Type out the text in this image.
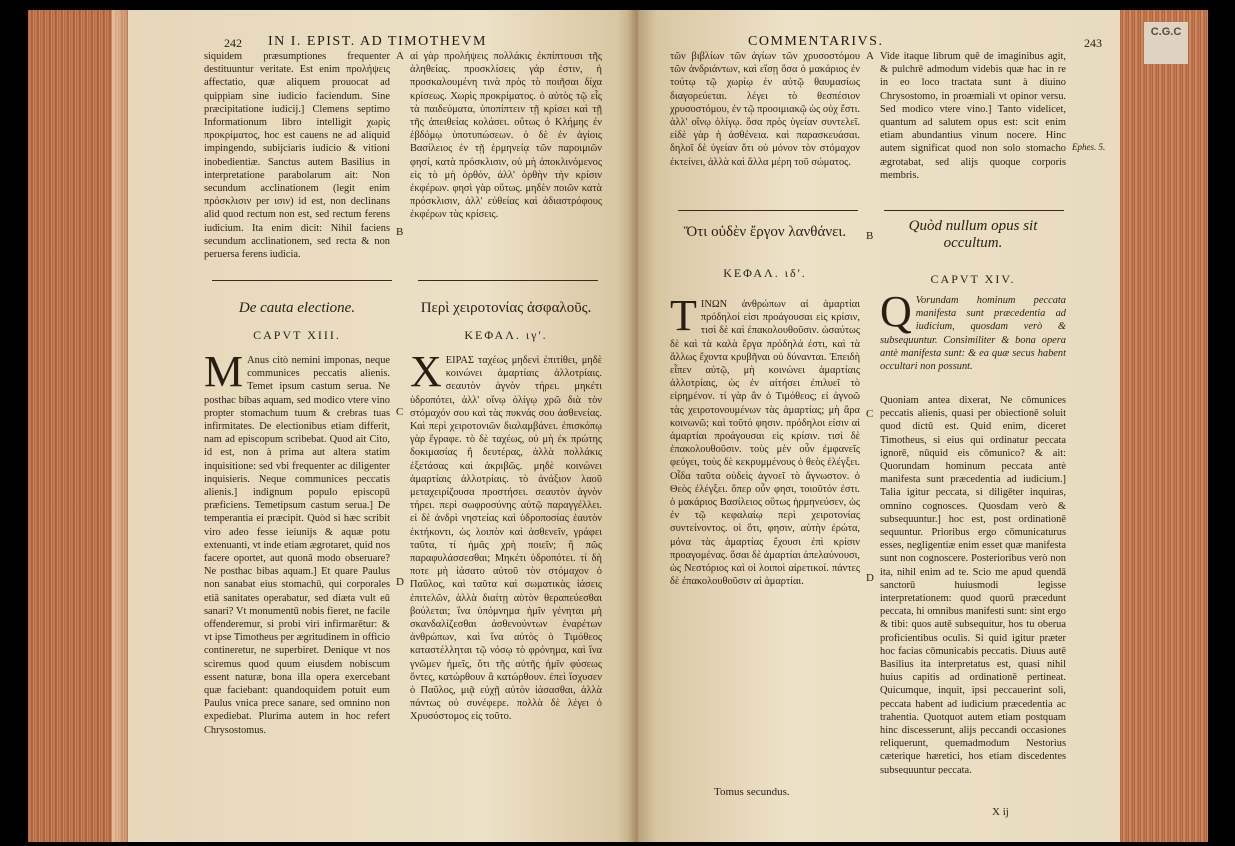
C.G.C
242 IN I. EPIST. AD TIMOTHEVM

siquidem præsumptiones frequenter destituuntur veritate. Est enim προλήψεις affectatio, quæ aliquem prouocat ad quippiam sine iudicio faciendum. Sine præcipitatione iudicij.] Clemens septimo Informationum libro intelligit χωρὶς προκρίματος, hoc est cauens ne ad aliquid impingendo, subijciaris iudicio & vitioni inobedientiæ. Sanctus autem Basilius in interpretatione parabolarum ait: Non secundum acclinationem (legit enim πρόσκλισιν per ισιν) id est, non declinans alid quod rectum non est, sed rectum ferens iudicium. Ita enim dicit: Nihil faciens secundum acclinationem, sed recta & non peruersa ferens iudicia.

A
B

αἱ γὰρ προλήψεις πολλάκις ἐκπίπτουσι τῆς ἀληθείας. προσκλίσεις γάρ ἐστιν, ἡ προσκαλουμένη τινὰ πρὸς τὸ ποιῆσαι δίχα κρίσεως. Χωρὶς προκρίματος. ὁ αὐτὸς τῷ εἶς τὰ παιδεύματα, ὑποπίπτειν τῇ κρίσει καὶ τῇ τῆς ἀπειθείας κολάσει. οὕτως ὁ Κλήμης ἐν ἑβδόμῳ ὑποτυπώσεων. ὁ δὲ ἐν ἁγίοις Βασίλειος ἐν τῇ ἑρμηνείᾳ τῶν παροιμιῶν φησί, κατὰ πρόσκλισιν, οὐ μὴ ἀποκλινόμενος εἰς τὸ μὴ ὀρθόν, ἀλλ' ὀρθὴν τὴν κρίσιν ἐκφέρων. φησὶ γὰρ οὕτως. μηδὲν ποιῶν κατὰ πρόσκλισιν, ἀλλ' εὐθείας καὶ ἀδιαστρόφους ἐκφέρων τὰς κρίσεις.

De cauta electione.
CAPVT XIII.
Περὶ χειροτονίας ἀσφαλοῦς.
ΚΕΦΑΛ. ιγ'.
M Anus citò nemini imponas, neque communices peccatis alienis. Temet ipsum castum serua. Ne posthac bibas aquam, sed modico vtere vino propter stomachum tuum & crebras tuas infirmitates. De electionibus etiam differit, nam ad episcopum scribebat. Quod ait Cito, id est, non à prima aut altera statim inquisitione: sed vbi frequenter ac diligenter inquisieris. Neque communices peccatis alienis.] indignum populo episcopū præficiens. Temetipsum castum serua.] De temperantia ei præcipit. Quòd si hæc scribit viro adeo fesse ieiunijs & aquæ potu extenuanti, vt inde etiam ægrotaret, quid nos facere oportet, aut quonā modo obseruare? Ne posthac bibas aquam.] Et quare Paulus non sanabat eius stomachū, qui corporales etiā sanitates operabatur, sed diæta vult eū sanari? Vt monumentū nobis fieret, ne facile offenderemur, si probi viri infirmarētur: & vt ipse Timotheus per ægritudinem in officio contineretur, ne superbiret. Denique vt nos sciremus quod quum eiusdem nobiscum essent naturæ, bona illa opera exercebant quæ faciebant: quandoquidem potuit eum Paulus vnica prece sanare, sed omnino non expediebat. Plurima autem in hoc refert Chrysostomus.

C
D
Χ ΕΙΡΑΣ ταχέως μηδενὶ ἐπιτίθει, μηδὲ κοινώνει ἁμαρτίαις ἀλλοτρίαις. σεαυτὸν ἁγνὸν τήρει. μηκέτι ὑδροπότει, ἀλλ' οἴνῳ ὀλίγῳ χρῶ διὰ τὸν στόμαχόν σου καὶ τὰς πυκνάς σου ἀσθενείας. Καὶ περὶ χειροτονιῶν διαλαμβάνει. ἐπισκόπῳ γὰρ ἔγραφε. τὸ δὲ ταχέως, οὐ μὴ ἐκ πρώτης δοκιμασίας ἢ δευτέρας, ἀλλὰ πολλάκις ἐξετάσας καὶ ἀκριβῶς. μηδὲ κοινώνει ἁμαρτίαις ἀλλοτρίαις. τὸ ἀνάξιον λαοῦ μεταχειρίζουσα προστήσει. σεαυτὸν ἁγνὸν τήρει. περὶ σωφροσύνης αὐτῷ παραγγέλλει. εἰ δὲ ἀνδρὶ νηστείας καὶ ὑδροποσίας ἑαυτὸν ἐκτήκοντι, ὡς λοιπὸν καὶ ἀσθενεῖν, γράφει ταῦτα, τί ἡμᾶς χρὴ ποιεῖν; ἢ πῶς παραφυλάσσεσθαι; Μηκέτι ὑδροπότει. τί δὴ ποτε μὴ ἰάσατο αὐτοῦ τὸν στόμαχον ὁ Παῦλος, καὶ ταῦτα καὶ σωματικὰς ἰάσεις ἐπιτελῶν, ἀλλὰ διαίτῃ αὐτὸν θεραπεύεσθαι βούλεται; ἵνα ὑπόμνημα ἡμῖν γένηται μὴ σκανδαλίζεσθαι ἀσθενούντων ἐναρέτων ἀνθρώπων, καὶ ἵνα αὐτὸς ὁ Τιμόθεος καταστέλληται τῷ νόσῳ τὸ φρόνημα, καὶ ἵνα γνῶμεν ἡμεῖς, ὅτι τῆς αὐτῆς ἡμῖν φύσεως ὄντες, κατώρθουν ἃ κατώρθουν. ἐπεὶ ἴσχυσεν ὁ Παῦλος, μιᾷ εὐχῇ αὐτὸν ἰάσασθαι, ἀλλὰ πάντως οὐ συνέφερε. πολλὰ δὲ λέγει ὁ Χρυσόστομος εἰς τοῦτο.

COMMENTARIVS.	243

τῶν βιβλίων τῶν ἁγίων τῶν χρυσοστόμου τῶν ἀνδριάντων, καὶ εἴσῃ ὅσα ὁ μακάριος ἐν τούτῳ τῷ χωρίῳ ἐν αὐτῷ θαυμασίως διαγορεύεται. λέγει τὸ θεσπέσιον χρυσοστόμου, ἐν τῷ προοιμιακῷ ὡς οὐχ ἔστι. ἀλλ' οἴνῳ ὀλίγῳ. ὅσα πρὸς ὑγείαν συντελεῖ. εἰδὲ γὰρ ἡ ἀσθένεια. καὶ παρασκευάσαι. δηλοῖ δὲ ὑγείαν ὅτι οὐ μόνον τὸν στόμαχον ἐκτείνει, ἀλλὰ καὶ ἄλλα μέρη τοῦ σώματος.

A Vide itaque librum quē de imaginibus agit, & pulchrē admodum videbis quæ hac in re in eo loco tractata sunt à diuino Chrysostomo, in proæmiali vt opinor versu. Sed modico vtere vino.] Tanto videlicet, quantum ad salutem opus est: scit enim etiam abundantius vinum nocere. Hinc autem significat quod non solo stomacho ægrotabat, sed alijs quoque corporis membris.

Ephes. 5.
Ὅτι οὐδὲν ἔργον λανθάνει.	B
ΚΕΦΑΛ. ιδ'.
Quòd nullum opus sit occultum.
CAPVT XIV.
Τ ΙΝΩΝ ἀνθρώπων αἱ ἁμαρτίαι πρόδηλοί εἰσι προάγουσαι εἰς κρίσιν, τισὶ δὲ καὶ ἐπακολουθοῦσιν. ὡσαύτως δὲ καὶ τὰ καλὰ ἔργα πρόδηλά ἐστι, καὶ τὰ ἄλλως ἔχοντα κρυβῆναι οὐ δύνανται. Ἐπειδὴ εἶπεν αὐτῷ, μὴ κοινώνει ἁμαρτίαις ἀλλοτρίαις, ὡς ἐν αἰτήσει ἐπιλυεῖ τὸ εἰρημένον. τί γὰρ ἂν ὁ Τιμόθεος; εἰ ἀγνοῶ τὰς χειροτονουμένων τὰς ἁμαρτίας; μὴ ἄρα κοινωνῶ; καὶ τοῦτό φησιν. πρόδηλοι εἰσιν αἱ ἁμαρτίαι προάγουσαι εἰς κρίσιν. τισὶ δὲ ἐπακολουθοῦσιν. τοὺς μὲν οὖν ἐμφανεῖς φεύγει, τοὺς δὲ κεκρυμμένους ὁ θεὸς ἐλέγξει. Οἶδα ταῦτα οὐδεὶς ἀγνοεῖ τὸ ἄγνωστον. ὁ Θεὸς ἐλέγξει. ὅπερ οὖν φησι, τοιοῦτόν ἐστι. ὁ μακάριος Βασίλειος οὕτως ἡρμηνεύσεν, ὡς ἐν τῷ κεφαλαίῳ περὶ χειροτονίας συντείνοντος. οἱ ὅτι, φησιν, αὐτὴν ἐρώτα, μόνα τὰς ἁμαρτίας ἔχουσι ἐπὶ κρίσιν προαγομένας. ὅσαι δὲ ἀμαρτίαι ἀπελαύνουσι, ὡς Νεστόριος καὶ οἱ λοιποὶ αἱρετικοί. πάντες δὲ ἐπακολουθοῦσιν αἱ ἁμαρτίαι.

C
D
Q Vorundam hominum peccata manifesta sunt præcedentia ad iudicium, quosdam verò & subsequuntur. Consimiliter & bona opera antè manifesta sunt: & ea quæ secus habent occultari non possunt.

Quoniam antea dixerat, Ne cōmunices peccatis alienis, quasi per obiectionē soluit quod dictū est. Quid enim, diceret Timotheus, si eius qui ordinatur peccata ignorē, nūquid eis cōmunico? & ait: Quorundam hominum peccata antè manifesta sunt præcedentia ad iudicium.] Talia igitur peccata, si diligēter inquiras, omnino cognosces. Quosdam verò & subsequuntur.] hoc est, post ordinationē sequuntur. Prioribus ergo cōmunicaturus esses, negligentiæ enim esset quæ manifesta sunt non cognoscere. Posterioribus verò non ita, nihil enim ad te. Scio me apud quendā sanctorū huiusmodi legisse interpretationem: quod quorū præcedunt peccata, hi omnibus manifesti sunt: sint ergo & tibi: quos autē subsequitur, hos tu oberua proficientibus oculis. Si quid igitur præter hoc facias cōmunicabis peccatis. Diuus autē Basilius ita interpretatus est, quasi nihil huius capitis ad ordinationē pertineat. Quicumque, inquit, ipsi peccauerint soli, peccata habent ad iudicium præcedentia ac trahentia. Quotquot autem etiam postquam hinc discesserunt, alijs peccandi occasiones reliquerunt, quemadmodum Nestorius cæterique hæretici, hos etiam discedentes subsequuntur peccata.

Tomus secundus.
X ij
